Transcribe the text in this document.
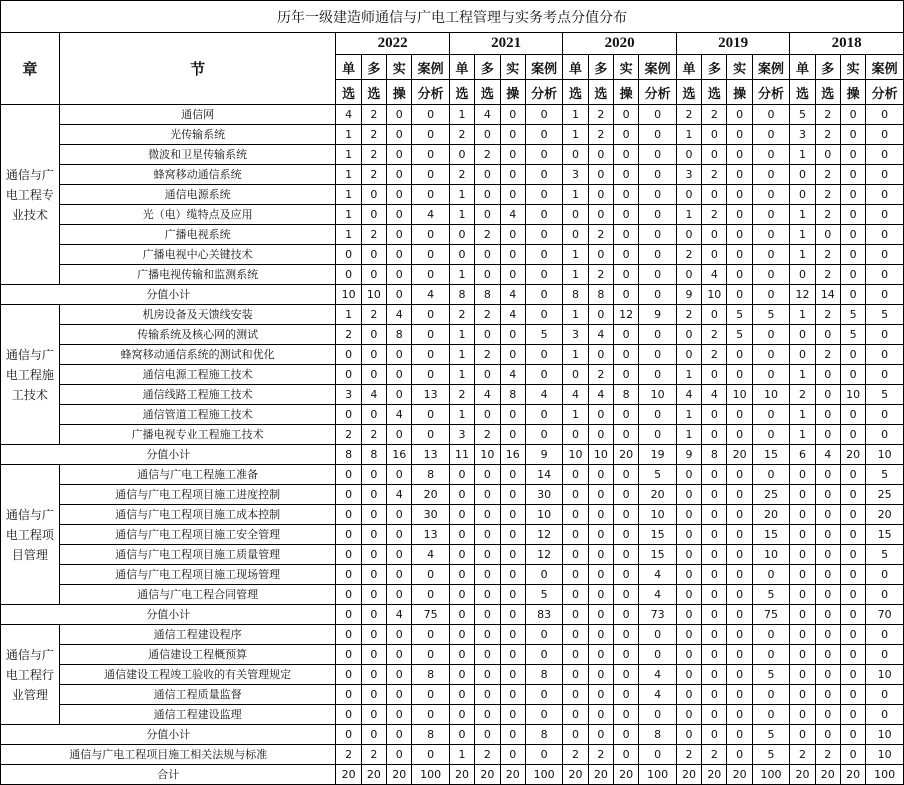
历年一级建造师通信与广电工程管理与实务考点分值分布																					
章	节	2022				2021				2020				2019				2018			
		单	多	实	案例	单	多	实	案例	单	多	实	案例	单	多	实	案例	单	多	实	案例
		选	选	操	分析	选	选	操	分析	选	选	操	分析	选	选	操	分析	选	选	操	分析
通信与广电工程专业技术	通信网	4	2	0	0	1	4	0	0	1	2	0	0	2	2	0	0	5	2	0	0
	光传输系统	1	2	0	0	2	0	0	0	1	2	0	0	1	0	0	0	3	2	0	0
	微波和卫星传输系统	1	2	0	0	0	2	0	0	0	0	0	0	0	0	0	0	1	0	0	0
	蜂窝移动通信系统	1	2	0	0	2	0	0	0	3	0	0	0	3	2	0	0	0	2	0	0
	通信电源系统	1	0	0	0	1	0	0	0	1	0	0	0	0	0	0	0	0	2	0	0
	光（电）缆特点及应用	1	0	0	4	1	0	4	0	0	0	0	0	1	2	0	0	1	2	0	0
	广播电视系统	1	2	0	0	0	2	0	0	0	2	0	0	0	0	0	0	1	0	0	0
	广播电视中心关键技术	0	0	0	0	0	0	0	0	1	0	0	0	2	0	0	0	1	2	0	0
	广播电视传输和监测系统	0	0	0	0	1	0	0	0	1	2	0	0	0	4	0	0	0	2	0	0
分值小计		10	10	0	4	8	8	4	0	8	8	0	0	9	10	0	0	12	14	0	0
通信与广电工程施工技术	机房设备及天馈线安装	1	2	4	0	2	2	4	0	1	0	12	9	2	0	5	5	1	2	5	5
	传输系统及核心网的测试	2	0	8	0	1	0	0	5	3	4	0	0	0	2	5	0	0	0	5	0
	蜂窝移动通信系统的测试和优化	0	0	0	0	1	2	0	0	1	0	0	0	0	2	0	0	0	2	0	0
	通信电源工程施工技术	0	0	0	0	1	0	4	0	0	2	0	0	1	0	0	0	1	0	0	0
	通信线路工程施工技术	3	4	0	13	2	4	8	4	4	4	8	10	4	4	10	10	2	0	10	5
	通信管道工程施工技术	0	0	4	0	1	0	0	0	1	0	0	0	1	0	0	0	1	0	0	0
	广播电视专业工程施工技术	2	2	0	0	3	2	0	0	0	0	0	0	1	0	0	0	1	0	0	0
分值小计		8	8	16	13	11	10	16	9	10	10	20	19	9	8	20	15	6	4	20	10
通信与广电工程项目管理	通信与广电工程施工准备	0	0	0	8	0	0	0	14	0	0	0	5	0	0	0	0	0	0	0	5
	通信与广电工程项目施工进度控制	0	0	4	20	0	0	0	30	0	0	0	20	0	0	0	25	0	0	0	25
	通信与广电工程项目施工成本控制	0	0	0	30	0	0	0	10	0	0	0	10	0	0	0	20	0	0	0	20
	通信与广电工程项目施工安全管理	0	0	0	13	0	0	0	12	0	0	0	15	0	0	0	15	0	0	0	15
	通信与广电工程项目施工质量管理	0	0	0	4	0	0	0	12	0	0	0	15	0	0	0	10	0	0	0	5
	通信与广电工程项目施工现场管理	0	0	0	0	0	0	0	0	0	0	0	4	0	0	0	0	0	0	0	0
	通信与广电工程合同管理	0	0	0	0	0	0	0	5	0	0	0	4	0	0	0	5	0	0	0	0
分值小计		0	0	4	75	0	0	0	83	0	0	0	73	0	0	0	75	0	0	0	70
通信与广电工程行业管理	通信工程建设程序	0	0	0	0	0	0	0	0	0	0	0	0	0	0	0	0	0	0	0	0
	通信建设工程概预算	0	0	0	0	0	0	0	0	0	0	0	0	0	0	0	0	0	0	0	0
	通信建设工程竣工验收的有关管理规定	0	0	0	8	0	0	0	8	0	0	0	4	0	0	0	5	0	0	0	10
	通信工程质量监督	0	0	0	0	0	0	0	0	0	0	0	4	0	0	0	0	0	0	0	0
	通信工程建设监理	0	0	0	0	0	0	0	0	0	0	0	0	0	0	0	0	0	0	0	0
分值小计		0	0	0	8	0	0	0	8	0	0	0	8	0	0	0	5	0	0	0	10
通信与广电工程项目施工相关法规与标准		2	2	0	0	1	2	0	0	2	2	0	0	2	2	0	5	2	2	0	10
合计		20	20	20	100	20	20	20	100	20	20	20	100	20	20	20	100	20	20	20	100
